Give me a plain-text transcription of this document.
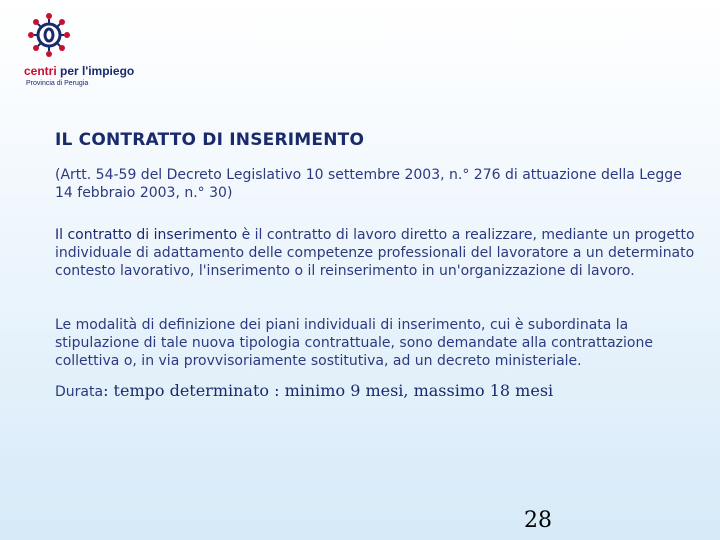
centri per l'impiego
Provincia di Perugia
IL CONTRATTO DI INSERIMENTO

(Artt. 54-59 del Decreto Legislativo 10 settembre 2003, n.° 276 di attuazione della Legge 14 febbraio 2003, n.° 30)

Il contratto di inserimento è il contratto di lavoro diretto a realizzare, mediante un progetto individuale di adattamento delle competenze professionali del lavoratore a un determinato contesto lavorativo, l'inserimento o il reinserimento in un'organizzazione di lavoro.

Le modalità di definizione dei piani individuali di inserimento, cui è subordinata la stipulazione di tale nuova tipologia contrattuale, sono demandate alla contrattazione collettiva o, in via provvisoriamente sostitutiva, ad un decreto ministeriale.

Durata: tempo determinato : minimo 9 mesi, massimo 18 mesi

28
